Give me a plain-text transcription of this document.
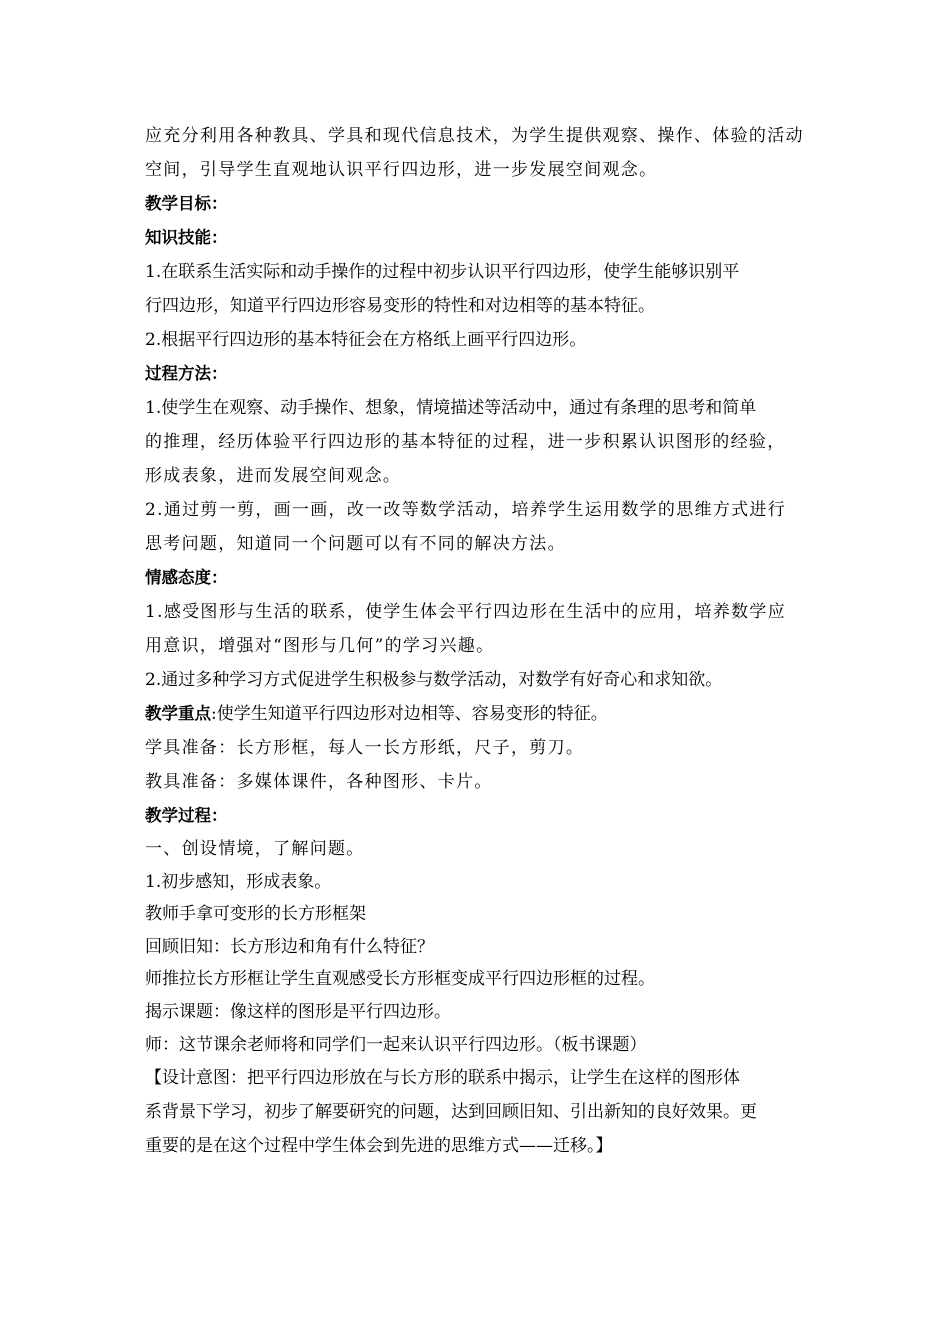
应充分利用各种教具、学具和现代信息技术，为学生提供观察、操作、体验的活动
空间，引导学生直观地认识平行四边形，进一步发展空间观念。
教学目标：
知识技能：
1.在联系生活实际和动手操作的过程中初步认识平行四边形，使学生能够识别平
行四边形，知道平行四边形容易变形的特性和对边相等的基本特征。
2.根据平行四边形的基本特征会在方格纸上画平行四边形。
过程方法：
1.使学生在观察、动手操作、想象，情境描述等活动中，通过有条理的思考和简单
的推理，经历体验平行四边形的基本特征的过程，进一步积累认识图形的经验，
形成表象，进而发展空间观念。
2.通过剪一剪，画一画，改一改等数学活动，培养学生运用数学的思维方式进行
思考问题，知道同一个问题可以有不同的解决方法。
情感态度：
1.感受图形与生活的联系，使学生体会平行四边形在生活中的应用，培养数学应
用意识，增强对“图形与几何”的学习兴趣。
2.通过多种学习方式促进学生积极参与数学活动，对数学有好奇心和求知欲。
教学重点:使学生知道平行四边形对边相等、容易变形的特征。
学具准备：长方形框，每人一长方形纸，尺子，剪刀。
教具准备：多媒体课件，各种图形、卡片。
教学过程：
一、创设情境，了解问题。
1.初步感知，形成表象。
教师手拿可变形的长方形框架
回顾旧知：长方形边和角有什么特征？
师推拉长方形框让学生直观感受长方形框变成平行四边形框的过程。
揭示课题：像这样的图形是平行四边形。
师：这节课余老师将和同学们一起来认识平行四边形。（板书课题）
【设计意图：把平行四边形放在与长方形的联系中揭示，让学生在这样的图形体
系背景下学习，初步了解要研究的问题，达到回顾旧知、引出新知的良好效果。更
重要的是在这个过程中学生体会到先进的思维方式——迁移。】
